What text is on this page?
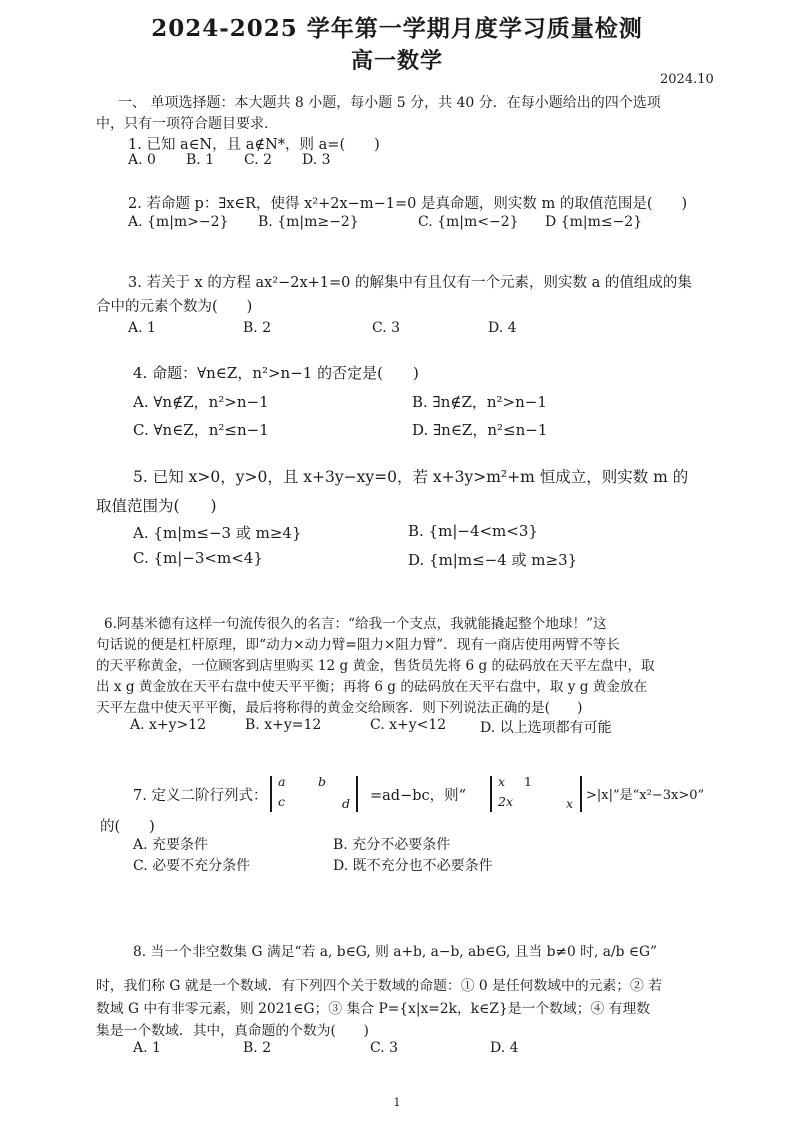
2024-2025 学年第一学期月度学习质量检测
高一数学
2024.10
一、 单项选择题：本大题共 8 小题，每小题 5 分，共 40 分．在每小题给出的四个选项
中，只有一项符合题目要求．
1. 已知 a∈N，且 a∉N*，则 a=(　　)
A. 0 B. 1 C. 2 D. 3
2. 若命题 p：∃x∈R，使得 x²+2x−m−1=0 是真命题，则实数 m 的取值范围是(　　)
A. {m|m>−2} B. {m|m≥−2}	C. {m|m<−2} D {m|m≤−2}
3. 若关于 x 的方程 ax²−2x+1=0 的解集中有且仅有一个元素，则实数 a 的值组成的集
合中的元素个数为(　　)
A. 1	B. 2	C. 3	D. 4
4. 命题：∀n∈Z，n²>n−1 的否定是(　　)
A. ∀n∉Z，n²>n−1	B. ∃n∉Z，n²>n−1
C. ∀n∈Z，n²≤n−1	D. ∃n∈Z，n²≤n−1
5. 已知 x>0，y>0，且 x+3y−xy=0，若 x+3y>m²+m 恒成立，则实数 m 的
取值范围为(　　)
A. {m|m≤−3 或 m≥4}	B. {m|−4<m<3}
C. {m|−3<m<4}	D. {m|m≤−4 或 m≥3}
6.阿基米德有这样一句流传很久的名言：“给我一个支点，我就能撬起整个地球！”这
句话说的便是杠杆原理，即“动力×动力臂=阻力×阻力臂”．现有一商店使用两臂不等长
的天平称黄金，一位顾客到店里购买 12 g 黄金，售货员先将 6 g 的砝码放在天平左盘中，取
出 x g 黄金放在天平右盘中使天平平衡；再将 6 g 的砝码放在天平右盘中，取 y g 黄金放在
天平左盘中使天平平衡，最后将称得的黄金交给顾客．则下列说法正确的是(　　)
A. x+y>12	B. x+y=12	C. x+y<12 D. 以上选项都有可能
7. 定义二阶行列式：
a	b
c	d =ad−bc，则“
x 1
2x	x
>|x|”是“x²−3x>0”
的(　　)
A. 充要条件	B. 充分不必要条件
C. 必要不充分条件	D. 既不充分也不必要条件
8. 当一个非空数集 G 满足“若 a, b∈G, 则 a+b, a−b, ab∈G, 且当 b≠0 时, a/b ∈G”
时，我们称 G 就是一个数域．有下列四个关于数域的命题：① 0 是任何数域中的元素；② 若
数域 G 中有非零元素，则 2021∈G；③ 集合 P={x|x=2k，k∈Z}是一个数域；④ 有理数
集是一个数域．其中，真命题的个数为(　　)
A. 1	B. 2	C. 3	D. 4
1
